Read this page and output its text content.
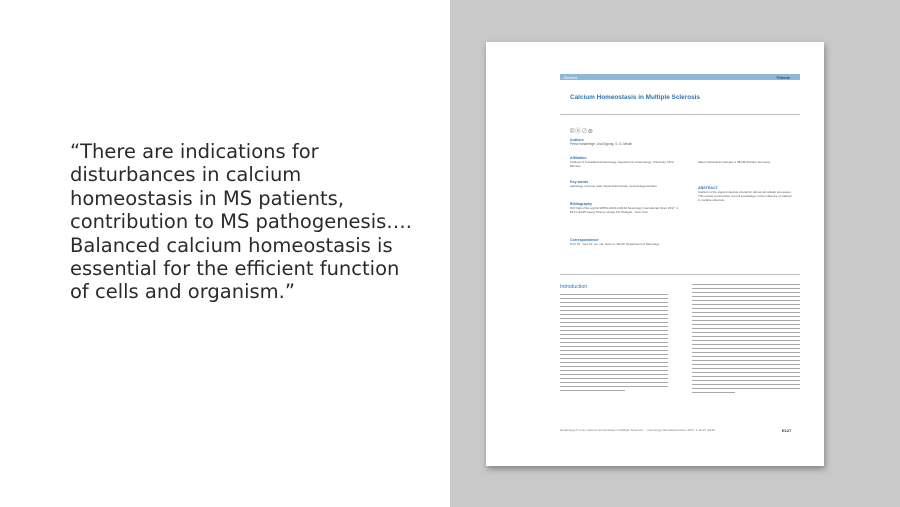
“There are indications for
disturbances in calcium
homeostasis in MS patients,
contribution to MS pathogenesis….
Balanced calcium homeostasis is
essential for the efficient function
of cells and organism.”

Review	Thieme
Calcium Homeostasis in Multiple Sclerosis
©Ⓑ⊘⊜
Authors
Petra Hundehege, Lisa Epping, S. G. Meuth
Affiliation
Institute of Translational Neurology, Department of Neurology, University Clinic Münster
Key words
pathology, immune cells, blood-brain barrier, axonal degeneration
Bibliography
DOI https://doi.org/10.1055/s-0043-104134 Neurology International Open 2017; 1: E127–E135 Georg Thieme Verlag KG Stuttgart · New York
Correspondence
Prof. Dr. med. Dr. rer. nat. Sven G. Meuth Department of Neurology
Albert-Schweitzer-Campus 1 48149 Münster Germany
ABSTRACT
Calcium is the signal molecule crucial for almost all cellular processes. This review summarizes current knowledge on the influence of calcium in multiple sclerosis.
Introduction
Hundehege P et al. Calcium Homeostasis in Multiple Sclerosis … Neurology International Open 2017; 1: E127–E135	E127
